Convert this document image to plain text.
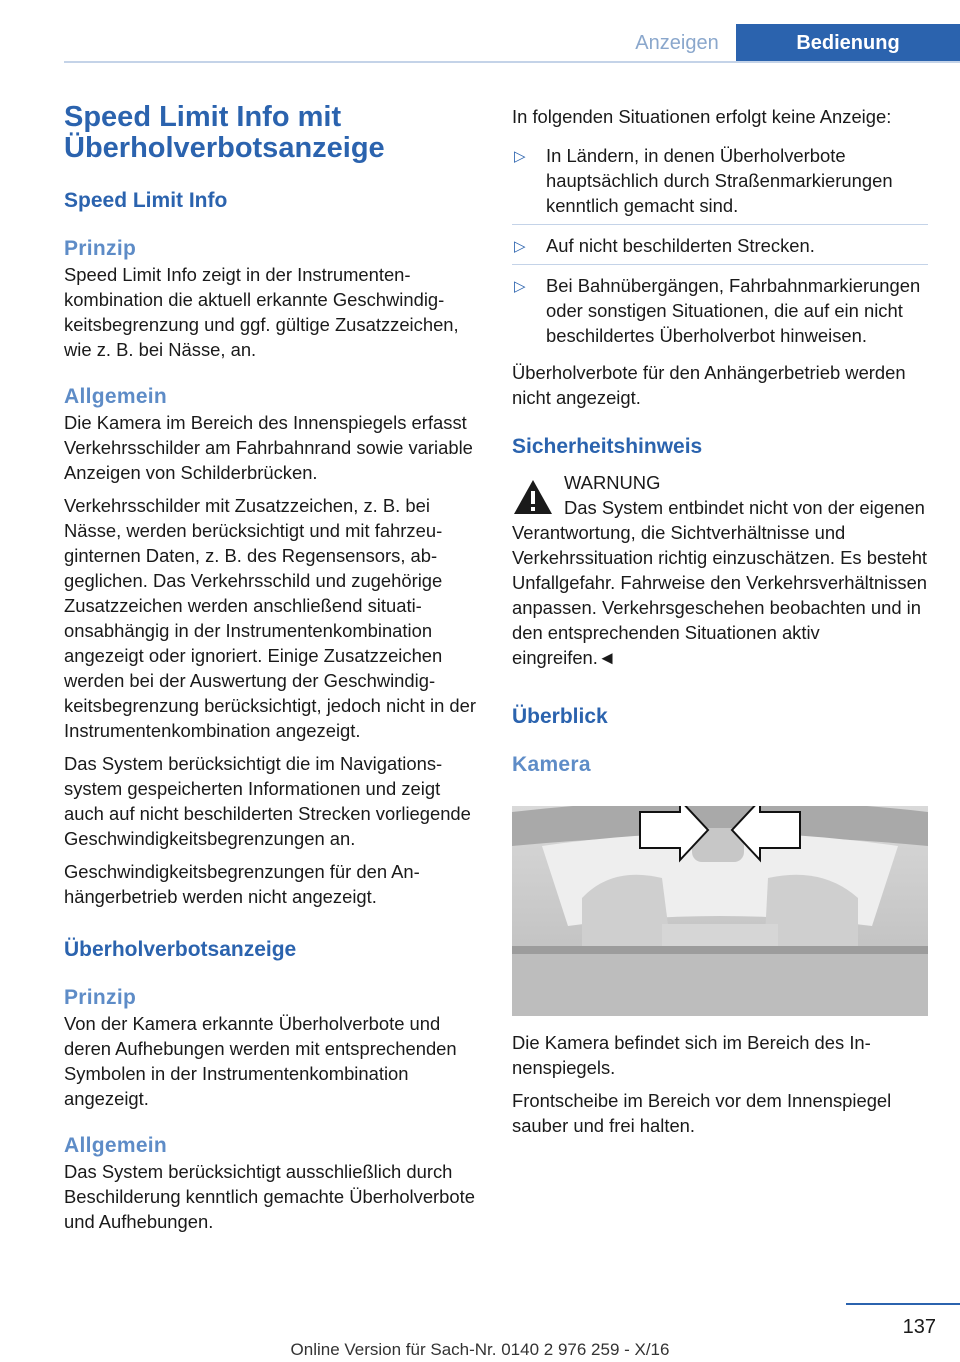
Anzeigen	Bedienung
Speed Limit Info mit Überholverbotsanzeige
Speed Limit Info
Prinzip

Speed Limit Info zeigt in der Instrumentenkombination die aktuell erkannte Geschwindigkeitsbegrenzung und ggf. gültige Zusatzzeichen, wie z. B. bei Nässe, an.

Allgemein

Die Kamera im Bereich des Innenspiegels erfasst Verkehrsschilder am Fahrbahnrand sowie variable Anzeigen von Schilderbrücken.

Verkehrsschilder mit Zusatzzeichen, z. B. bei Nässe, werden berücksichtigt und mit fahrzeuginternen Daten, z. B. des Regensensors, abgeglichen. Das Verkehrsschild und zugehörige Zusatzzeichen werden anschließend situationsabhängig in der Instrumentenkombination angezeigt oder ignoriert. Einige Zusatzzeichen werden bei der Auswertung der Geschwindigkeitsbegrenzung berücksichtigt, jedoch nicht in der Instrumentenkombination angezeigt.

Das System berücksichtigt die im Navigationssystem gespeicherten Informationen und zeigt auch auf nicht beschilderten Strecken vorliegende Geschwindigkeitsbegrenzungen an.

Geschwindigkeitsbegrenzungen für den Anhängerbetrieb werden nicht angezeigt.

Überholverbotsanzeige
Prinzip

Von der Kamera erkannte Überholverbote und deren Aufhebungen werden mit entsprechenden Symbolen in der Instrumentenkombination angezeigt.

Allgemein

Das System berücksichtigt ausschließlich durch Beschilderung kenntlich gemachte Überholverbote und Aufhebungen.

In folgenden Situationen erfolgt keine Anzeige:

▷ In Ländern, in denen Überholverbote hauptsächlich durch Straßenmarkierungen kenntlich gemacht sind.
▷ Auf nicht beschilderten Strecken.
▷ Bei Bahnübergängen, Fahrbahnmarkierungen oder sonstigen Situationen, die auf ein nicht beschildertes Überholverbot hinweisen.

Überholverbote für den Anhängerbetrieb werden nicht angezeigt.

Sicherheitshinweis

WARNUNG

Das System entbindet nicht von der eigenen Verantwortung, die Sichtverhältnisse und Verkehrssituation richtig einzuschätzen. Es besteht Unfallgefahr. Fahrweise den Verkehrsverhältnissen anpassen. Verkehrsgeschehen beobachten und in den entsprechenden Situationen aktiv eingreifen.◄

Überblick
Kamera

Die Kamera befindet sich im Bereich des Innenspiegels.

Frontscheibe im Bereich vor dem Innenspiegel sauber und frei halten.

137
Online Version für Sach-Nr. 0140 2 976 259 - X/16
